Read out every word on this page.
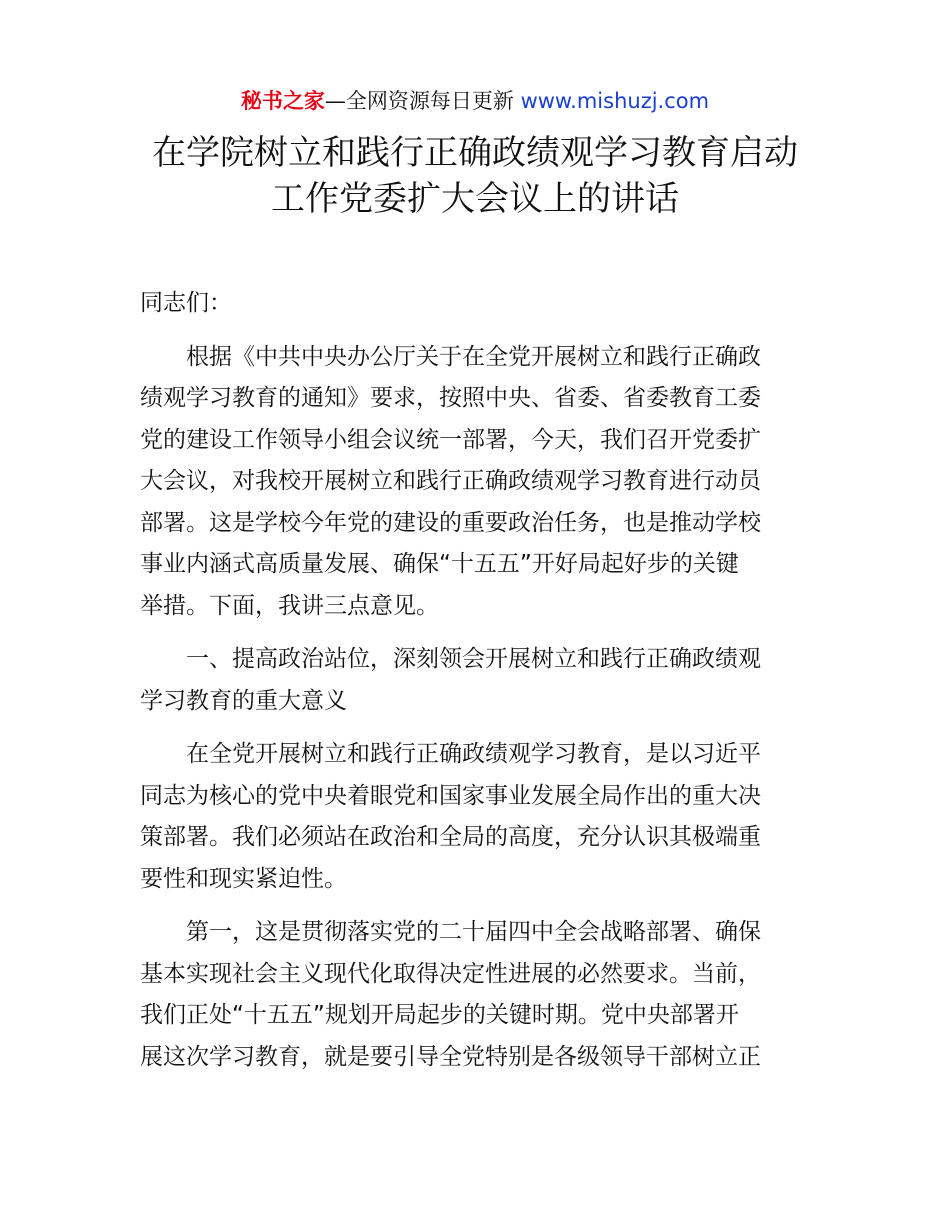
秘书之家—全网资源每日更新 www.mishuzj.com
在学院树立和践行正确政绩观学习教育启动
工作党委扩大会议上的讲话
同志们：
　　根据《中共中央办公厅关于在全党开展树立和践行正确政
绩观学习教育的通知》要求，按照中央、省委、省委教育工委
党的建设工作领导小组会议统一部署，今天，我们召开党委扩
大会议，对我校开展树立和践行正确政绩观学习教育进行动员
部署。这是学校今年党的建设的重要政治任务，也是推动学校
事业内涵式高质量发展、确保“十五五”开好局起好步的关键
举措。下面，我讲三点意见。
　　一、提高政治站位，深刻领会开展树立和践行正确政绩观
学习教育的重大意义
　　在全党开展树立和践行正确政绩观学习教育，是以习近平
同志为核心的党中央着眼党和国家事业发展全局作出的重大决
策部署。我们必须站在政治和全局的高度，充分认识其极端重
要性和现实紧迫性。
　　第一，这是贯彻落实党的二十届四中全会战略部署、确保
基本实现社会主义现代化取得决定性进展的必然要求。当前，
我们正处“十五五”规划开局起步的关键时期。党中央部署开
展这次学习教育，就是要引导全党特别是各级领导干部树立正
